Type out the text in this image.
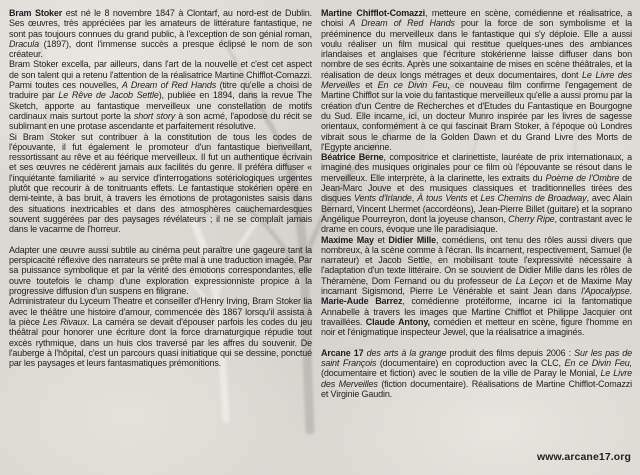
Bram Stoker est né le 8 novembre 1847 à Clontarf, au nord-est de Dublin. Ses œuvres, très appréciées par les amateurs de littérature fantastique, ne sont pas toujours connues du grand public, à l'exception de son génial roman, Dracula (1897), dont l'immense succès a presque éclipsé le nom de son créateur.

Bram Stoker excella, par ailleurs, dans l'art de la nouvelle et c'est cet aspect de son talent qui a retenu l'attention de la réalisatrice Martine Chifflot-Comazzi. Parmi toutes ces nouvelles, A Dream of Red Hands (titre qu'elle a choisi de traduire par Le Rêve de Jacob Settle), publiée en 1894, dans la revue The Sketch, apporte au fantastique merveilleux une constellation de motifs cardinaux mais surtout porte la short story à son acmé, l'apodose du récit se sublimant en une protase ascendante et parfaitement résolutive.

Si Bram Stoker sut contribuer à la constitution de tous les codes de l'épouvante, il fut également le promoteur d'un fantastique bienveillant, ressortissant au rêve et au féérique merveilleux. Il fut un authentique écrivain et ses œuvres ne cédèrent jamais aux facilités du genre. Il préféra diffuser « l'inquiétante familiarité » au service d'interrogations sotériologiques urgentes plutôt que recourir à de tonitruants effets. Le fantastique stokérien opère en demi-teinte, à bas bruit, à travers les émotions de protagonistes saisis dans des situations inextricables et dans des atmosphères cauchemardesques souvent suggérées par des paysages révélateurs ; il ne se complaît jamais dans le vacarme de l'horreur.

Adapter une œuvre aussi subtile au cinéma peut paraître une gageure tant la perspicacité réflexive des narrateurs se prête mal à une traduction imagée. Par sa puissance symbolique et par la vérité des émotions correspondantes, elle ouvre toutefois le champ d'une exploration expressionniste propice à la progressive diffusion d'un suspens en filigrane.

Administrateur du Lyceum Theatre et conseiller d'Henry Irving, Bram Stoker lia avec le théâtre une histoire d'amour, commencée dès 1867 lorsqu'il assista à la pièce Les Rivaux. La caméra se devait d'épouser parfois les codes du jeu théâtral pour honorer une écriture dont la force dramaturgique répudie tout excès rythmique, dans un huis clos traversé par les affres du souvenir. De l'auberge à l'hôpital, c'est un parcours quasi initiatique qui se dessine, ponctué par les paysages et leurs fantasmatiques prémonitions.

Martine Chifflot-Comazzi, metteure en scène, comédienne et réalisatrice, a choisi A Dream of Red Hands pour la force de son symbolisme et la prééminence du merveilleux dans le fantastique qui s'y déploie. Elle a aussi voulu réaliser un film musical qui restitue quelques-unes des ambiances irlandaises et anglaises que l'écriture stokérienne laisse diffuser dans bon nombre de ses écrits. Après une soixantaine de mises en scène théâtrales, et la réalisation de deux longs métrages et deux documentaires, dont Le Livre des Merveilles et En ce Divin Feu, ce nouveau film confirme l'engagement de Martine Chifflot sur la voie du fantastique merveilleux qu'elle a aussi promu par la création d'un Centre de Recherches et d'Etudes du Fantastique en Bourgogne du Sud. Elle incarne, ici, un docteur Munro inspirée par les livres de sagesse orientaux, conformément à ce qui fascinait Bram Stoker, à l'époque où Londres vibrait sous le charme de la Golden Dawn et du Grand Livre des Morts de l'Egypte ancienne.

Béatrice Berne, compositrice et clarinettiste, lauréate de prix internationaux, a imaginé des musiques originales pour ce film où l'épouvante se résout dans le merveilleux. Elle interprète, à la clarinette, les extraits du Poème de l'Ombre de Jean-Marc Jouve et des musiques classiques et traditionnelles tirées des disques Vents d'Irlande, À tous Vents et Les Chemins de Broadway, avec Alain Bernard, Vincent Lhermet (accordéons), Jean-Pierre Billet (guitare) et la soprano Angélique Pourreyron, dont la joyeuse chanson, Cherry Ripe, contrastant avec le drame en cours, évoque une île paradisiaque.

Maxime May et Didier Mille, comédiens, ont tenu des rôles aussi divers que nombreux, à la scène comme à l'écran. Ils incarnent, respectivement, Samuel (le narrateur) et Jacob Settle, en mobilisant toute l'expressivité nécessaire à l'adaptation d'un texte littéraire. On se souvient de Didier Mille dans les rôles de Théramène, Dom Fernand ou du professeur de La Leçon et de Maxime May incarnant Sigismond, Pierre Le Vénérable et saint Jean dans l'Apocalypse. Marie-Aude Barrez, comédienne protéiforme, incarne ici la fantomatique Annabelle à travers les images que Martine Chifflot et Philippe Jacquier ont travaillées. Claude Antony, comédien et metteur en scène, figure l'homme en noir et l'énigmatique inspecteur Jewel, que la réalisatrice a imaginés.

Arcane 17 des arts à la grange produit des films depuis 2006 : Sur les pas de saint François (documentaire) en coproduction avec la CLC, En ce Divin Feu, (documentaire et fiction) avec le soutien de la ville de Paray le Monial, Le Livre des Merveilles (fiction documentaire). Réalisations de Martine Chifflot-Comazzi et Virginie Gaudin.

www.arcane17.org
